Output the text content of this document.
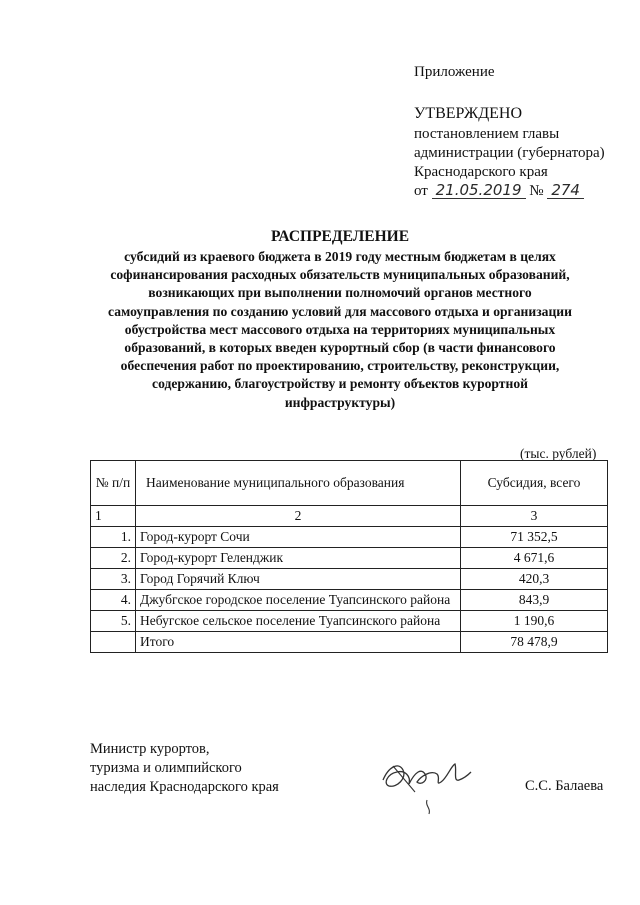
Приложение
УТВЕРЖДЕНО
постановлением главы
администрации (губернатора)
Краснодарского края
от 21.05.2019 № 274
РАСПРЕДЕЛЕНИЕ
субсидий из краевого бюджета в 2019 году местным бюджетам в целях
софинансирования расходных обязательств муниципальных образований,
возникающих при выполнении полномочий органов местного
самоуправления по созданию условий для массового отдыха и организации
обустройства мест массового отдыха на территориях муниципальных
образований, в которых введен курортный сбор (в части финансового
обеспечения работ по проектированию, строительству, реконструкции,
содержанию, благоустройству и ремонту объектов курортной
инфраструктуры)
(тыс. рублей)
№ п/п	Наименование муниципального образования	Субсидия, всего
1	2	3
1.	Город-курорт Сочи	71 352,5
2.	Город-курорт Геленджик	4 671,6
3.	Город Горячий Ключ	420,3
4.	Джубгское городское поселение Туапсинского района	843,9
5.	Небугское сельское поселение Туапсинского района	1 190,6
	Итого	78 478,9
Министр курортов,
туризма и олимпийского
наследия Краснодарского края	С.С. Балаева
